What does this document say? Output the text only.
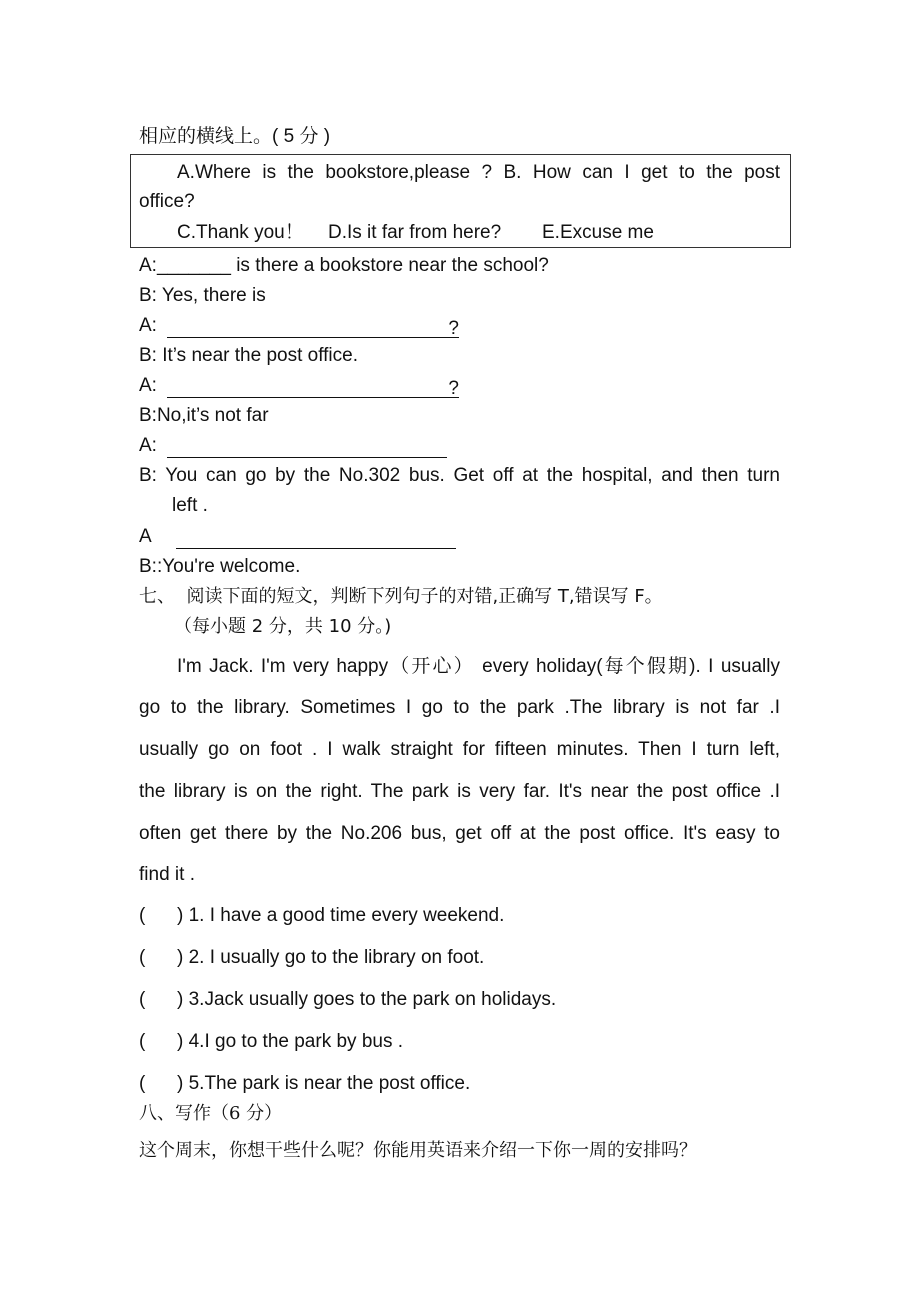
相应的横线上。( 5 分 )
A.Where is the bookstore,please ? B. How can I get to the post
office?
C.Thank you！ D.Is it far from here? E.Excuse me
A:_______ is there a bookstore near the school?
B: Yes, there is
A:	?
B: It’s near the post office.
A:	?
B:No,it’s not far
A:
B: You can go by the No.302 bus. Get off at the hospital, and then turn
left .
A
B::You're welcome.
七、  阅读下面的短文，判断下列句子的对错,正确写 T,错误写 F。
（每小题 2 分，共 10 分。)
I'm Jack. I'm very happy（开心） every holiday(每个假期). I usually
go to the library. Sometimes I go to the park .The library is not far .I
usually go on foot . I walk straight for fifteen minutes. Then I turn left,
the library is on the right. The park is very far. It's near the post office .I
often get there by the No.206 bus, get off at the post office. It's easy to
find it .
(      ) 1. I have a good time every weekend.
(      ) 2. I usually go to the library on foot.
(      ) 3.Jack usually goes to the park on holidays.
(      ) 4.I go to the park by bus .
(      ) 5.The park is near the post office.
八、写作（6 分）
这个周末，你想干些什么呢？你能用英语来介绍一下你一周的安排吗？
